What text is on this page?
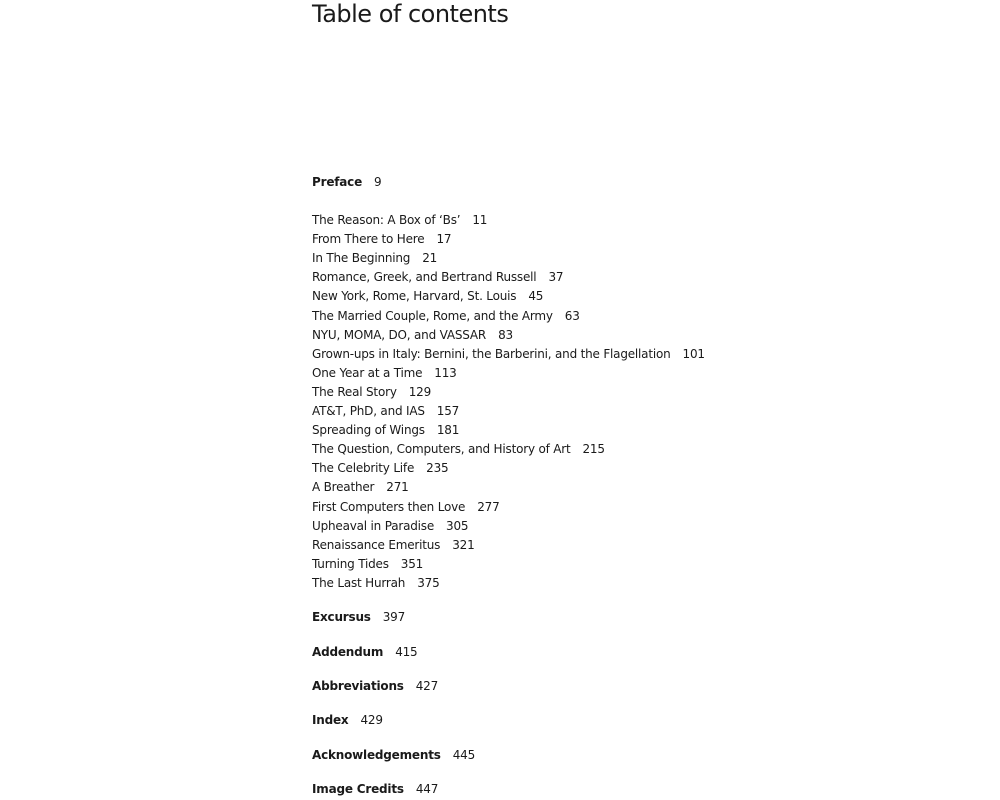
Table of contents
Preface 9
The Reason: A Box of ‘Bs’ 11
From There to Here 17
In The Beginning 21
Romance, Greek, and Bertrand Russell 37
New York, Rome, Harvard, St. Louis 45
The Married Couple, Rome, and the Army 63
NYU, MOMA, DO, and VASSAR 83
Grown-ups in Italy: Bernini, the Barberini, and the Flagellation 101
One Year at a Time 113
The Real Story 129
AT&T, PhD, and IAS 157
Spreading of Wings 181
The Question, Computers, and History of Art 215
The Celebrity Life 235
A Breather 271
First Computers then Love 277
Upheaval in Paradise 305
Renaissance Emeritus 321
Turning Tides 351
The Last Hurrah 375
Excursus 397
Addendum 415
Abbreviations 427
Index 429
Acknowledgements 445
Image Credits 447
